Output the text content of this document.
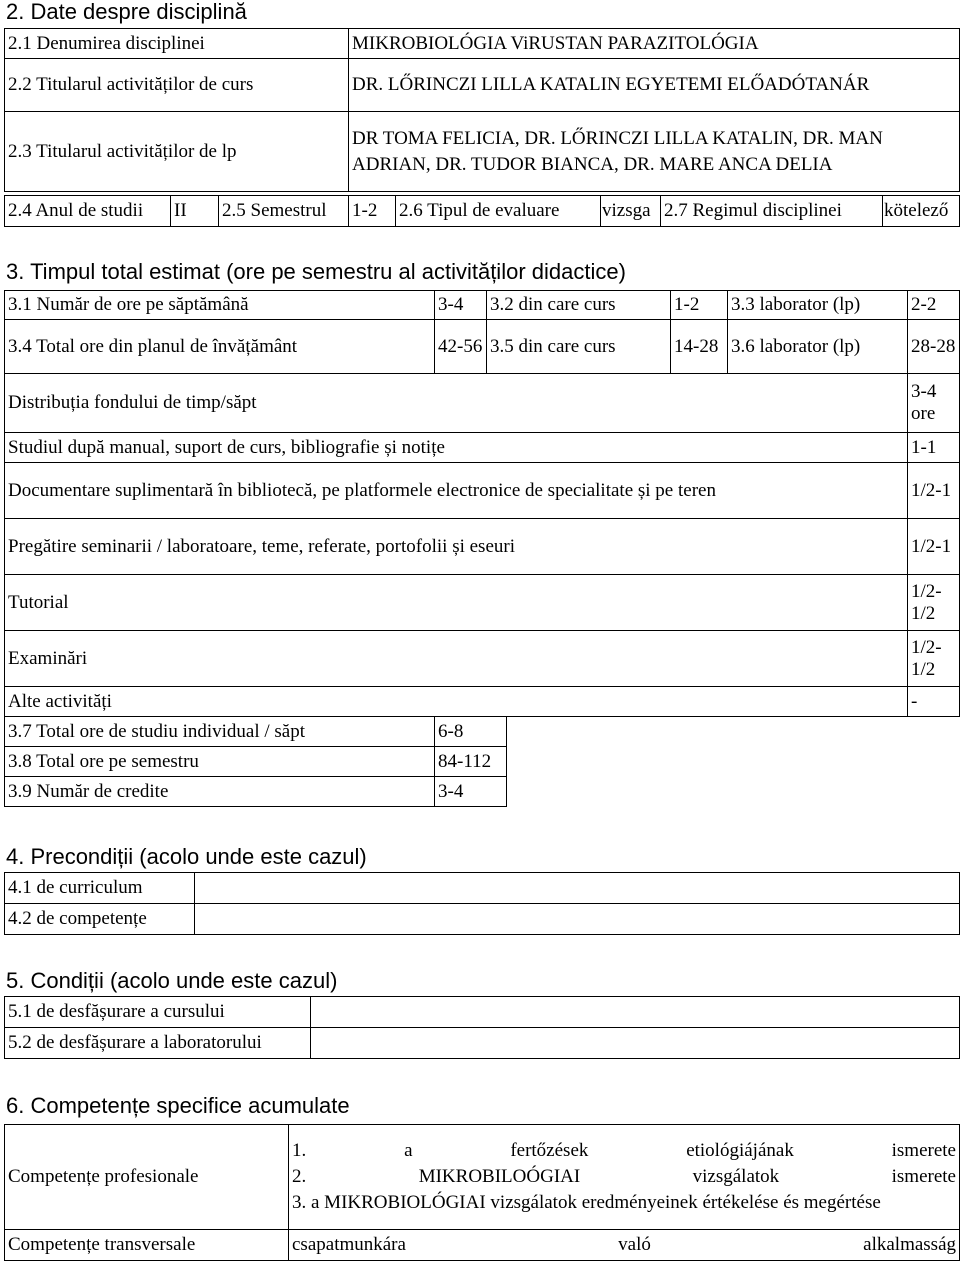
2. Date despre disciplină
2.1 Denumirea disciplinei	MIKROBIOLÓGIA ViRUSTAN PARAZITOLÓGIA
2.2 Titularul activităților de curs	DR. LŐRINCZI LILLA KATALIN EGYETEMI ELŐADÓTANÁR
2.3 Titularul activităților de lp	DR TOMA FELICIA, DR. LŐRINCZI LILLA KATALIN, DR. MAN ADRIAN, DR. TUDOR BIANCA, DR. MARE ANCA DELIA
2.4 Anul de studii	II	2.5 Semestrul	1-2	2.6 Tipul de evaluare	vizsga	2.7 Regimul disciplinei	kötelező
3. Timpul total estimat (ore pe semestru al activităților didactice)
3.1 Număr de ore pe săptămână	3-4	3.2 din care curs	1-2	3.3 laborator (lp)	2-2
3.4 Total ore din planul de învățământ	42-56	3.5 din care curs	14-28	3.6 laborator (lp)	28-28
Distribuția fondului de timp/săpt	3-4 ore
Studiul după manual, suport de curs, bibliografie și notițe	1-1
Documentare suplimentară în bibliotecă, pe platformele electronice de specialitate și pe teren	1/2-1
Pregătire seminarii / laboratoare, teme, referate, portofolii și eseuri	1/2-1
Tutorial	1/2-1/2
Examinări	1/2-1/2
Alte activități	-
3.7 Total ore de studiu individual / săpt	6-8	
3.8 Total ore pe semestru	84-112	
3.9 Număr de credite	3-4	
4. Precondiții (acolo unde este cazul)
4.1 de curriculum	
4.2 de competențe	
5. Condiții (acolo unde este cazul)
5.1 de desfășurare a cursului	
5.2 de desfășurare a laboratorului	
6. Competențe specifice acumulate
Competențe profesionale	1. a fertőzések etiológiájának ismerete
2. MIKROBILOÓGIAI vizsgálatok ismerete
3. a MIKROBIOLÓGIAI vizsgálatok eredményeinek értékelése és megértése

Competențe transversale	csapatmunkára való alkalmasság
